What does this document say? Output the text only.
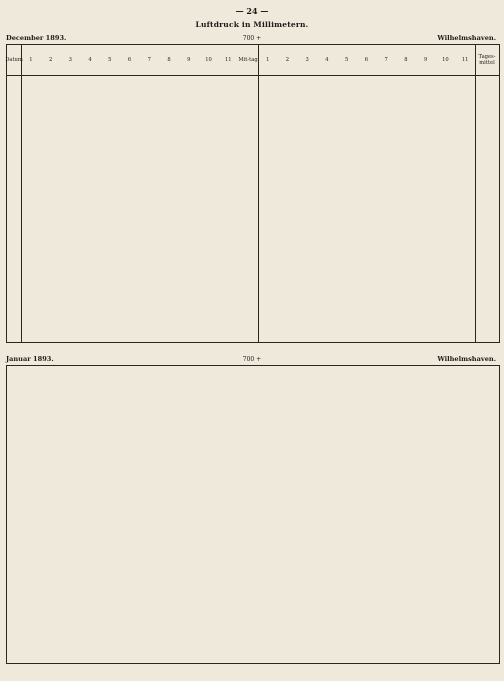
— 24 —
Luftdruck in Millimetern.
December 1893.	700 +	Wilhelmshaven.
Datum	1	2	3	4	5	6	7	8	9	10	11	Mit-tag	1	2	3	4	5	6	7	8	9	10	11	Tages-mittel
Januar 1893.	700 +	Wilhelmshaven.
